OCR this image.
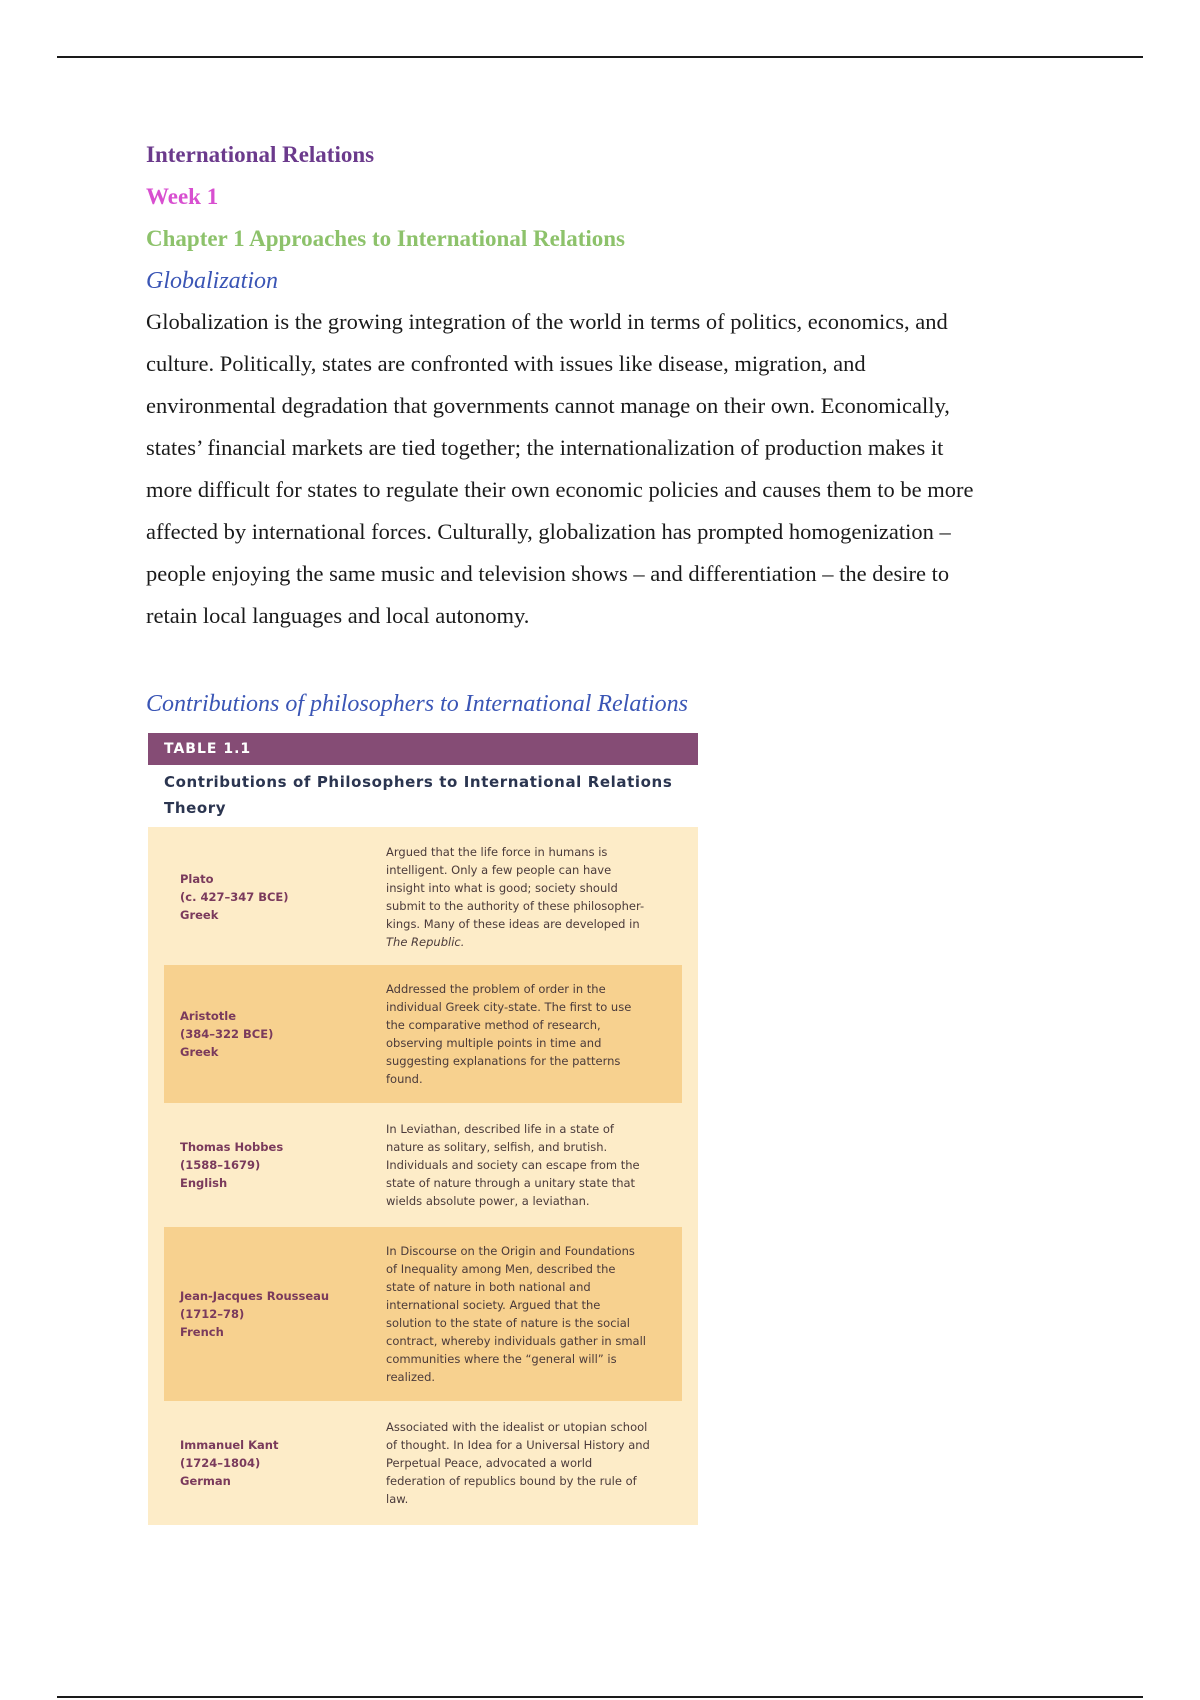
International Relations
Week 1
Chapter 1 Approaches to International Relations
Globalization

Globalization is the growing integration of the world in terms of politics, economics, and
culture. Politically, states are confronted with issues like disease, migration, and
environmental degradation that governments cannot manage on their own. Economically,
states’ financial markets are tied together; the internationalization of production makes it
more difficult for states to regulate their own economic policies and causes them to be more
affected by international forces. Culturally, globalization has prompted homogenization –
people enjoying the same music and television shows – and differentiation – the desire to
retain local languages and local autonomy.

Contributions of philosophers to International Relations
TABLE 1.1
Contributions of Philosophers to International Relations
Theory
Plato
(c. 427–347 BCE)
Greek
Argued that the life force in humans is
intelligent. Only a few people can have
insight into what is good; society should
submit to the authority of these philosopher-
kings. Many of these ideas are developed in
The Republic.
Aristotle
(384–322 BCE)
Greek
Addressed the problem of order in the
individual Greek city-state. The first to use
the comparative method of research,
observing multiple points in time and
suggesting explanations for the patterns
found.
Thomas Hobbes
(1588–1679)
English
In Leviathan, described life in a state of
nature as solitary, selfish, and brutish.
Individuals and society can escape from the
state of nature through a unitary state that
wields absolute power, a leviathan.
Jean-Jacques Rousseau
(1712–78)
French
In Discourse on the Origin and Foundations
of Inequality among Men, described the
state of nature in both national and
international society. Argued that the
solution to the state of nature is the social
contract, whereby individuals gather in small
communities where the “general will” is
realized.
Immanuel Kant
(1724–1804)
German
Associated with the idealist or utopian school
of thought. In Idea for a Universal History and
Perpetual Peace, advocated a world
federation of republics bound by the rule of
law.
